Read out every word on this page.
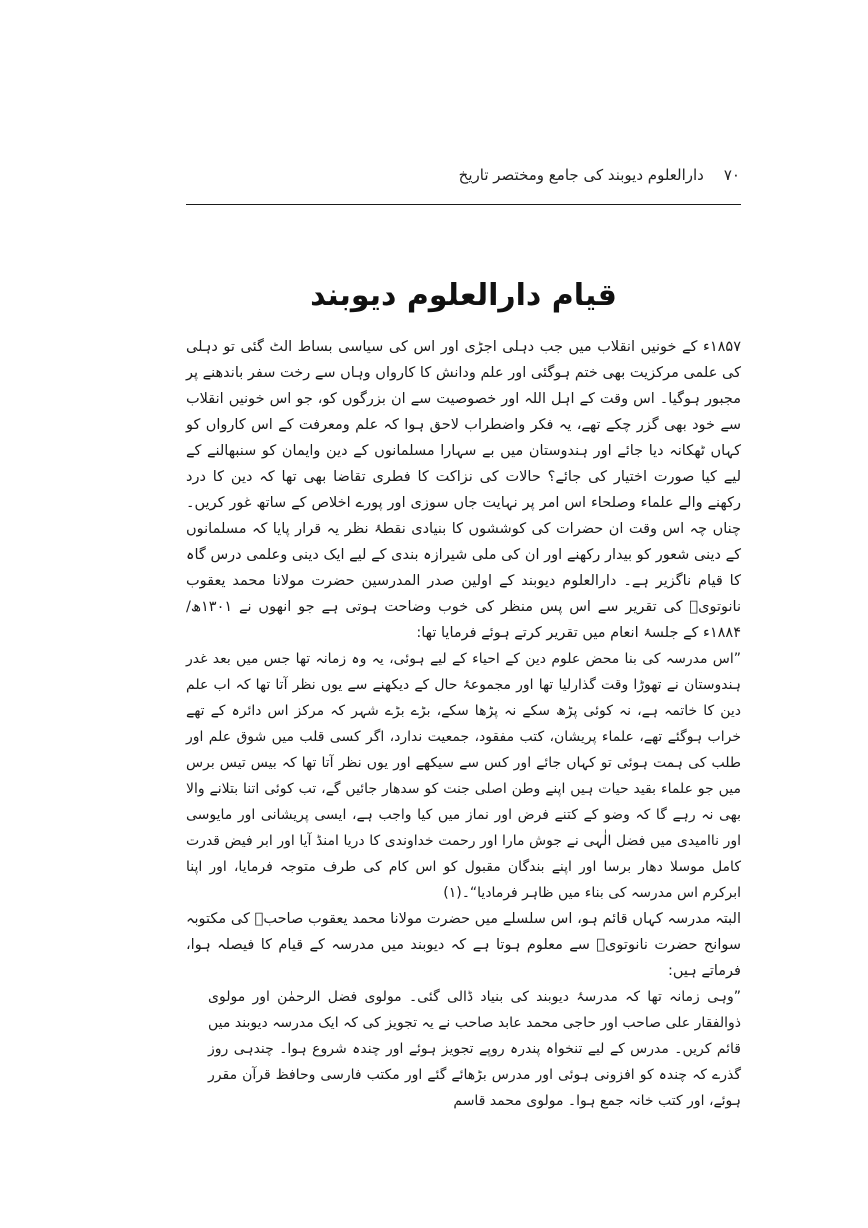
۷۰
دارالعلوم دیوبند کی جامع ومختصر تاریخ
قیام دارالعلوم دیوبند

۱۸۵۷ء کے خونیں انقلاب میں جب دہلی اجڑی اور اس کی سیاسی بساط الٹ گئی تو دہلی کی علمی مرکزیت بھی ختم ہوگئی اور علم ودانش کا کارواں وہاں سے رخت سفر باندھنے پر مجبور ہوگیا۔ اس وقت کے اہل اللہ اور خصوصیت سے ان بزرگوں کو، جو اس خونیں انقلاب سے خود بھی گزر چکے تھے، یہ فکر واضطراب لاحق ہوا کہ علم ومعرفت کے اس کارواں کو کہاں ٹھکانہ دیا جائے اور ہندوستان میں بے سہارا مسلمانوں کے دین وایمان کو سنبھالنے کے لیے کیا صورت اختیار کی جائے؟ حالات کی نزاکت کا فطری تقاضا بھی تھا کہ دین کا درد رکھنے والے علماء وصلحاء اس امر پر نہایت جاں سوزی اور پورے اخلاص کے ساتھ غور کریں۔ چناں چہ اس وقت ان حضرات کی کوششوں کا بنیادی نقطۂ نظر یہ قرار پایا کہ مسلمانوں کے دینی شعور کو بیدار رکھنے اور ان کی ملی شیرازہ بندی کے لیے ایک دینی وعلمی درس گاہ کا قیام ناگزیر ہے۔ دارالعلوم دیوبند کے اولین صدر المدرسین حضرت مولانا محمد یعقوب نانوتویؒ کی تقریر سے اس پس منظر کی خوب وضاحت ہوتی ہے جو انھوں نے ۱۳۰۱ھ/۱۸۸۴ء کے جلسۂ انعام میں تقریر کرتے ہوئے فرمایا تھا:

”اس مدرسہ کی بنا محض علوم دین کے احیاء کے لیے ہوئی، یہ وہ زمانہ تھا جس میں بعد غدر ہندوستان نے تھوڑا وقت گذارلیا تھا اور مجموعۂ حال کے دیکھنے سے یوں نظر آتا تھا کہ اب علم دین کا خاتمہ ہے، نہ کوئی پڑھ سکے نہ پڑھا سکے، بڑے بڑے شہر کہ مرکز اس دائرہ کے تھے خراب ہوگئے تھے، علماء پریشان، کتب مفقود، جمعیت ندارد، اگر کسی قلب میں شوق علم اور طلب کی ہمت ہوئی تو کہاں جائے اور کس سے سیکھے اور یوں نظر آتا تھا کہ بیس تیس برس میں جو علماء بقید حیات ہیں اپنے وطن اصلی جنت کو سدھار جائیں گے، تب کوئی اتنا بتلانے والا بھی نہ رہے گا کہ وضو کے کتنے فرض اور نماز میں کیا واجب ہے، ایسی پریشانی اور مایوسی اور ناامیدی میں فضل الٰہی نے جوش مارا اور رحمت خداوندی کا دریا امنڈ آیا اور ابر فیض قدرت کامل موسلا دھار برسا اور اپنے بندگان مقبول کو اس کام کی طرف متوجہ فرمایا، اور اپنا ابرکرم اس مدرسہ کی بناء میں ظاہر فرمادیا“۔(۱)

البتہ مدرسہ کہاں قائم ہو، اس سلسلے میں حضرت مولانا محمد یعقوب صاحبؒ کی مکتوبہ سوانح حضرت نانوتویؒ سے معلوم ہوتا ہے کہ دیوبند میں مدرسہ کے قیام کا فیصلہ ہوا، فرماتے ہیں:

”وہی زمانہ تھا کہ مدرسۂ دیوبند کی بنیاد ڈالی گئی۔ مولوی فضل الرحمٰن اور مولوی ذوالفقار علی صاحب اور حاجی محمد عابد صاحب نے یہ تجویز کی کہ ایک مدرسہ دیوبند میں قائم کریں۔ مدرس کے لیے تنخواہ پندرہ روپے تجویز ہوئے اور چندہ شروع ہوا۔ چندہی روز گذرے کہ چندہ کو افزونی ہوئی اور مدرس بڑھائے گئے اور مکتب فارسی وحافظ قرآن مقرر ہوئے، اور کتب خانہ جمع ہوا۔ مولوی محمد قاسم
